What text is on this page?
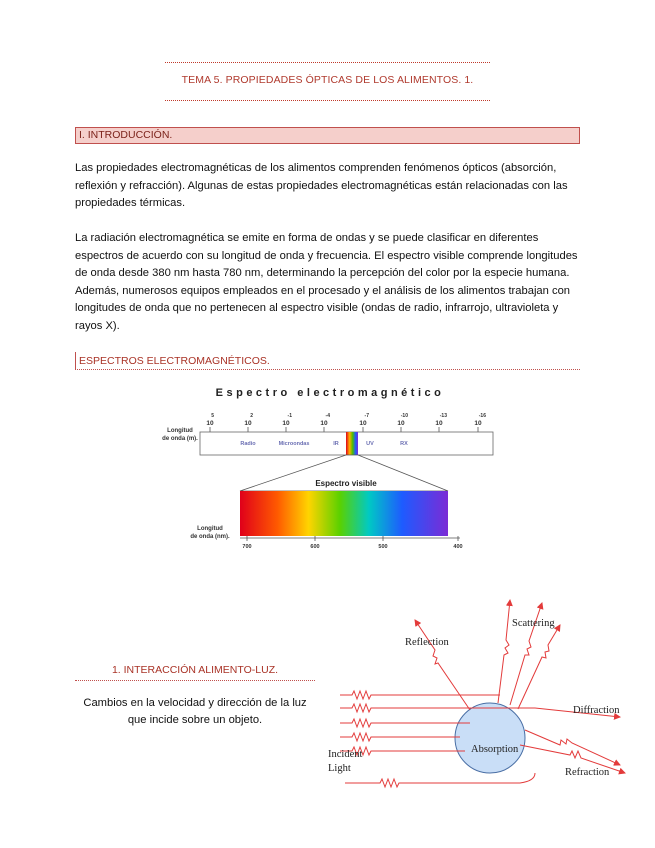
TEMA 5. PROPIEDADES ÓPTICAS DE LOS ALIMENTOS. 1.
I. INTRODUCCIÓN.
Las propiedades electromagnéticas de los alimentos comprenden fenómenos ópticos (absorción, reflexión y refracción). Algunas de estas propiedades electromagnéticas están relacionadas con las propiedades térmicas.
La radiación electromagnética se emite en forma de ondas y se puede clasificar en diferentes espectros de acuerdo con su longitud de onda y frecuencia. El espectro visible comprende longitudes de onda desde 380 nm hasta 780 nm, determinando la percepción del color por la especie humana. Además, numerosos equipos empleados en el procesado y el análisis de los alimentos trabajan con longitudes de onda que no pertenecen al espectro visible (ondas de radio, infrarrojo, ultravioleta y rayos X).
ESPECTROS ELECTROMAGNÉTICOS.
Espectro electromagnético
Longitud
de onda (m).
5
10
2
10
-1
10
-4
10
-7
10
-10
10
-13
10
-16
10
Radio	Microondas	IR	UV	RX
Espectro visible
Longitud
de onda (nm).
700	600	500	400
1. INTERACCIÓN ALIMENTO-LUZ.
Cambios en la velocidad y dirección de la luz que incide sobre un objeto.
Reflection
Scattering
Diffraction
Absorption
Incident
Light	Refraction
